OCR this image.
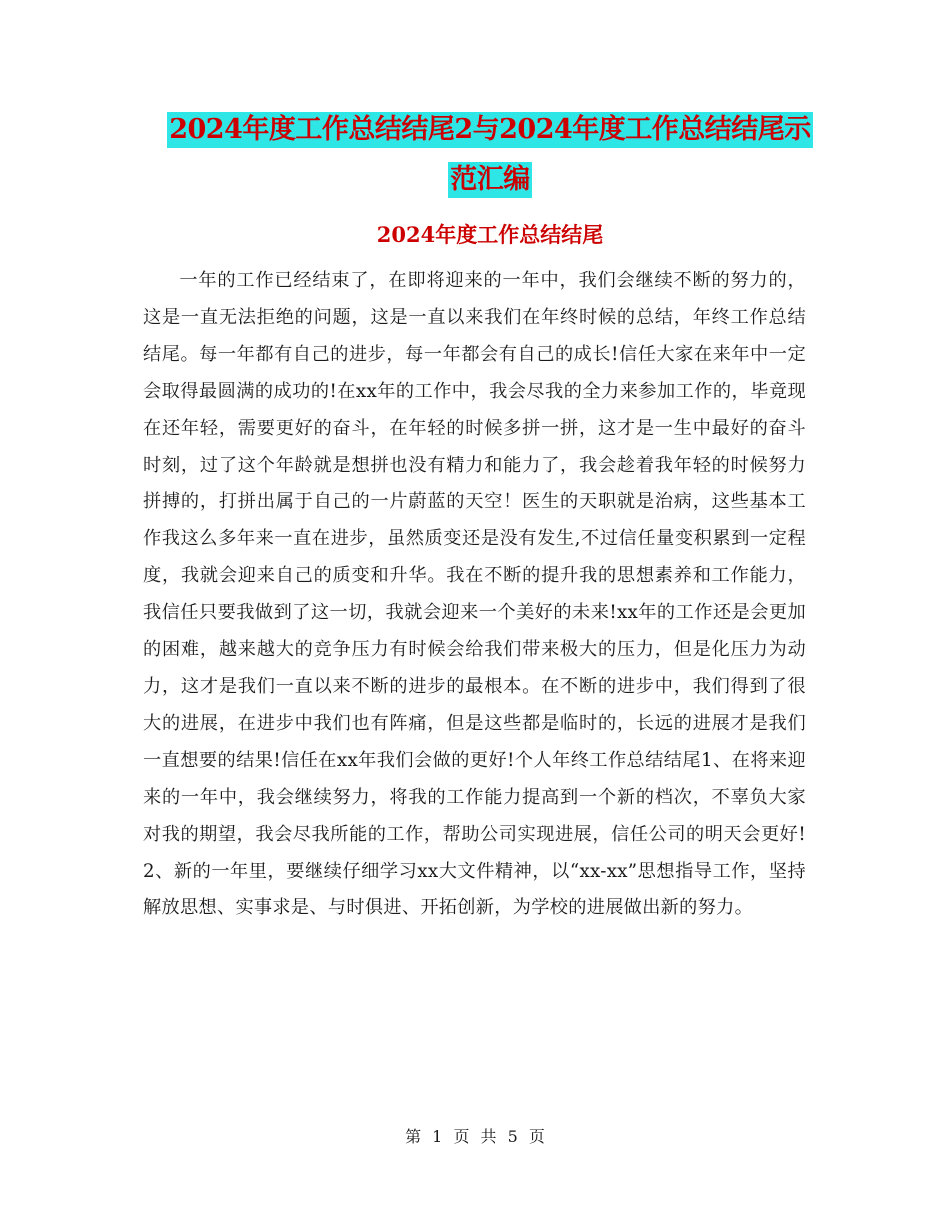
2024年度工作总结结尾2与2024年度工作总结结尾示
范汇编
2024年度工作总结结尾

一年的工作已经结束了，在即将迎来的一年中，我们会继续不断的努力的，这是一直无法拒绝的问题，这是一直以来我们在年终时候的总结，年终工作总结结尾。每一年都有自己的进步，每一年都会有自己的成长!信任大家在来年中一定会取得最圆满的成功的!在xx年的工作中，我会尽我的全力来参加工作的，毕竟现在还年轻，需要更好的奋斗，在年轻的时候多拼一拼，这才是一生中最好的奋斗时刻，过了这个年龄就是想拼也没有精力和能力了，我会趁着我年轻的时候努力拼搏的，打拼出属于自己的一片蔚蓝的天空！医生的天职就是治病，这些基本工作我这么多年来一直在进步，虽然质变还是没有发生,不过信任量变积累到一定程度，我就会迎来自己的质变和升华。我在不断的提升我的思想素养和工作能力，我信任只要我做到了这一切，我就会迎来一个美好的未来!xx年的工作还是会更加的困难，越来越大的竞争压力有时候会给我们带来极大的压力，但是化压力为动力，这才是我们一直以来不断的进步的最根本。在不断的进步中，我们得到了很大的进展，在进步中我们也有阵痛，但是这些都是临时的，长远的进展才是我们一直想要的结果!信任在xx年我们会做的更好!个人年终工作总结结尾1、在将来迎来的一年中，我会继续努力，将我的工作能力提高到一个新的档次，不辜负大家对我的期望，我会尽我所能的工作，帮助公司实现进展，信任公司的明天会更好!2、新的一年里，要继续仔细学习xx大文件精神，以“xx-xx”思想指导工作，坚持解放思想、实事求是、与时俱进、开拓创新，为学校的进展做出新的努力。

第 1 页 共 5 页
